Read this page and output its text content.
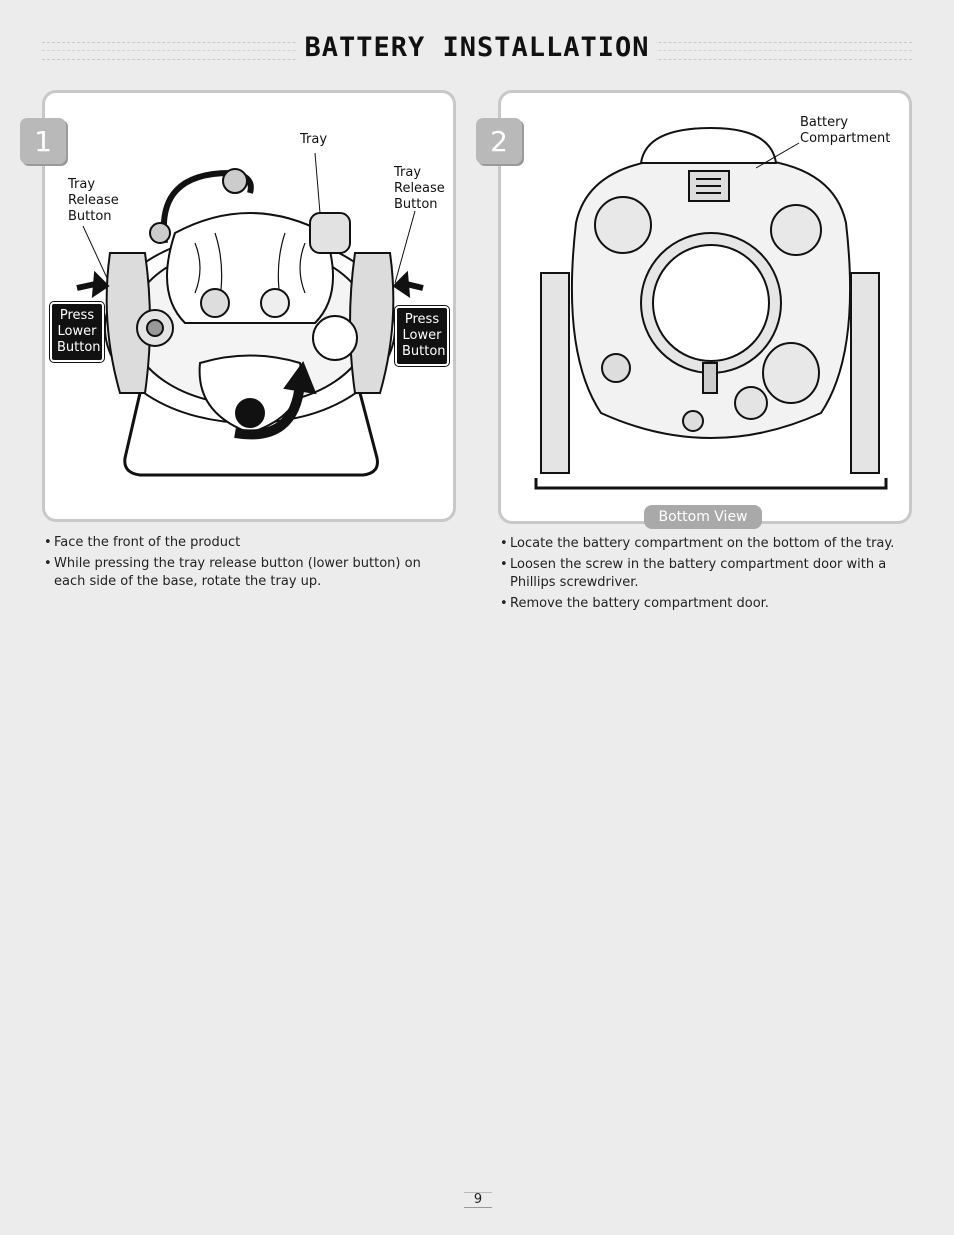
BATTERY INSTALLATION
1	Tray
Tray
Release
Button
Tray
Release
Button
Press
Lower
Button
Press
Lower
Button
• Face the front of the product
• While pressing the tray release button (lower button) on each side of the base, rotate the tray up.
2
Battery
Compartment
Bottom View
• Locate the battery compartment on the bottom of the tray.
• Loosen the screw in the battery compartment door with a Phillips screwdriver.
• Remove the battery compartment door.
9
